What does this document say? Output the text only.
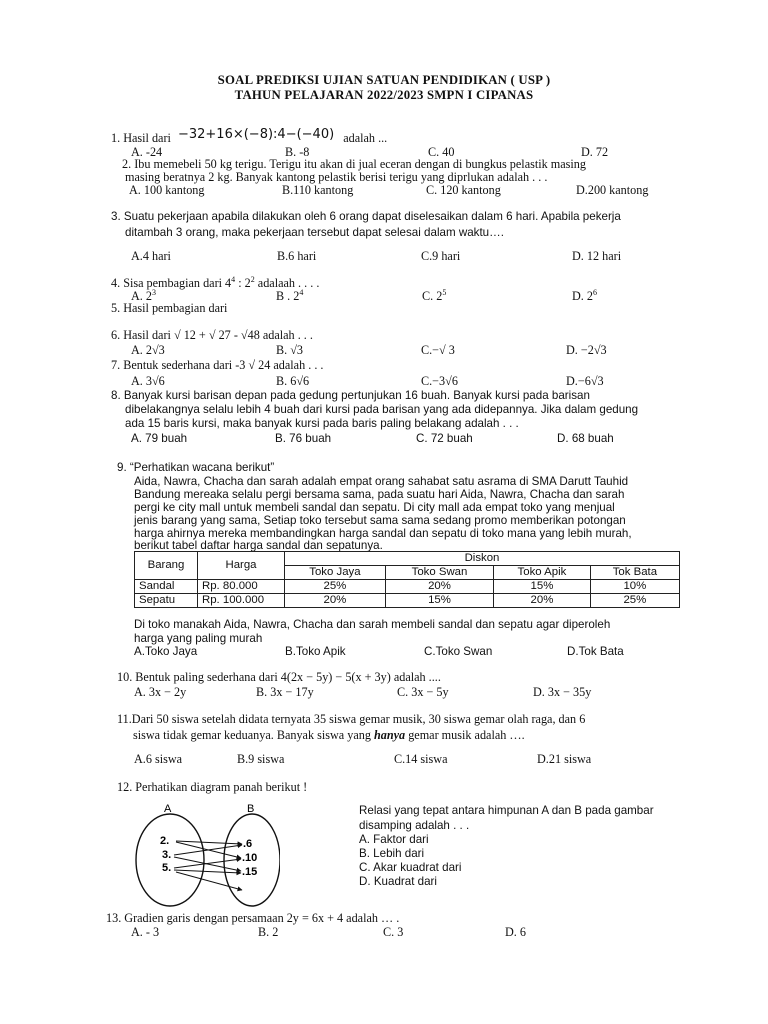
SOAL PREDIKSI UJIAN SATUAN PENDIDIKAN ( USP )
TAHUN PELAJARAN 2022/2023 SMPN I CIPANAS
1. Hasil dari −32+16×(−8):4−(−40) adalah ...
A. -24	B. -8	C. 40	D. 72
2. Ibu memebeli 50 kg terigu. Terigu itu akan di jual eceran dengan di bungkus pelastik masing
masing beratnya 2 kg. Banyak kantong pelastik berisi terigu yang diprlukan adalah . . .
A. 100 kantong	B.110 kantong	C. 120 kantong	D.200 kantong
3. Suatu pekerjaan apabila dilakukan oleh 6 orang dapat diselesaikan dalam 6 hari. Apabila pekerja
ditambah 3 orang, maka pekerjaan tersebut dapat selesai dalam waktu….
A.4 hari	B.6 hari	C.9 hari	D. 12 hari
4. Sisa pembagian dari $4^4$ : $2^2$ adalaah . . . .
A. $2^3$	B . $2^4$	C. $2^5$	D. $2^6$
5. Hasil pembagian dari
6. Hasil dari √ 12 + √ 27 - √48 adalah . . .
A. 2√3	B. √3	C.−√ 3	D. −2√3
7. Bentuk sederhana dari -3 √ 24 adalah . . .
A. 3√6	B. 6√6	C.−3√6	D.−6√3
8. Banyak kursi barisan depan pada gedung pertunjukan 16 buah. Banyak kursi pada barisan
dibelakangnya selalu lebih 4 buah dari kursi pada barisan yang ada didepannya. Jika dalam gedung
ada 15 baris kursi, maka banyak kursi pada baris paling belakang adalah . . .
A. 79 buah	B. 76 buah	C. 72 buah	D. 68 buah
9. “Perhatikan wacana berikut”
Aida, Nawra, Chacha dan sarah adalah empat orang sahabat satu asrama di SMA Darutt Tauhid
Bandung mereaka selalu pergi bersama sama, pada suatu hari Aida, Nawra, Chacha dan sarah
pergi ke city mall untuk membeli sandal dan sepatu. Di city mall ada empat toko yang menjual
jenis barang yang sama, Setiap toko tersebut sama sama sedang promo memberikan potongan
harga ahirnya mereka membandingkan harga sandal dan sepatu di toko mana yang lebih murah,
berikut tabel daftar harga sandal dan sepatunya.
Barang	Harga	Diskon			
		Toko Jaya	Toko Swan	Toko Apik	Tok Bata
Sandal	Rp. 80.000	25%	20%	15%	10%
Sepatu	Rp. 100.000	20%	15%	20%	25%
Di toko manakah Aida, Nawra, Chacha dan sarah membeli sandal dan sepatu agar diperoleh
harga yang paling murah
A.Toko Jaya	B.Toko Apik	C.Toko Swan	D.Tok Bata
10. Bentuk paling sederhana dari 4(2x − 5y) − 5(x + 3y) adalah ....
A. 3x − 2y	B. 3x − 17y	C. 3x − 5y	D. 3x − 35y
11.Dari 50 siswa setelah didata ternyata 35 siswa gemar musik, 30 siswa gemar olah raga, dan 6
siswa tidak gemar keduanya. Banyak siswa yang hanya gemar musik adalah ….
A.6 siswa	B.9 siswa	C.14 siswa	D.21 siswa
12. Perhatikan diagram panah berikut !
A	B
2.
3.
5.
.6
.10
.15
Relasi yang tepat antara himpunan A dan B pada gambar
disamping adalah . . .
A. Faktor dari
B. Lebih dari
C. Akar kuadrat dari
D. Kuadrat dari
13. Gradien garis dengan persamaan 2y = 6x + 4 adalah … .
A. - 3	B. 2	C. 3	D. 6
